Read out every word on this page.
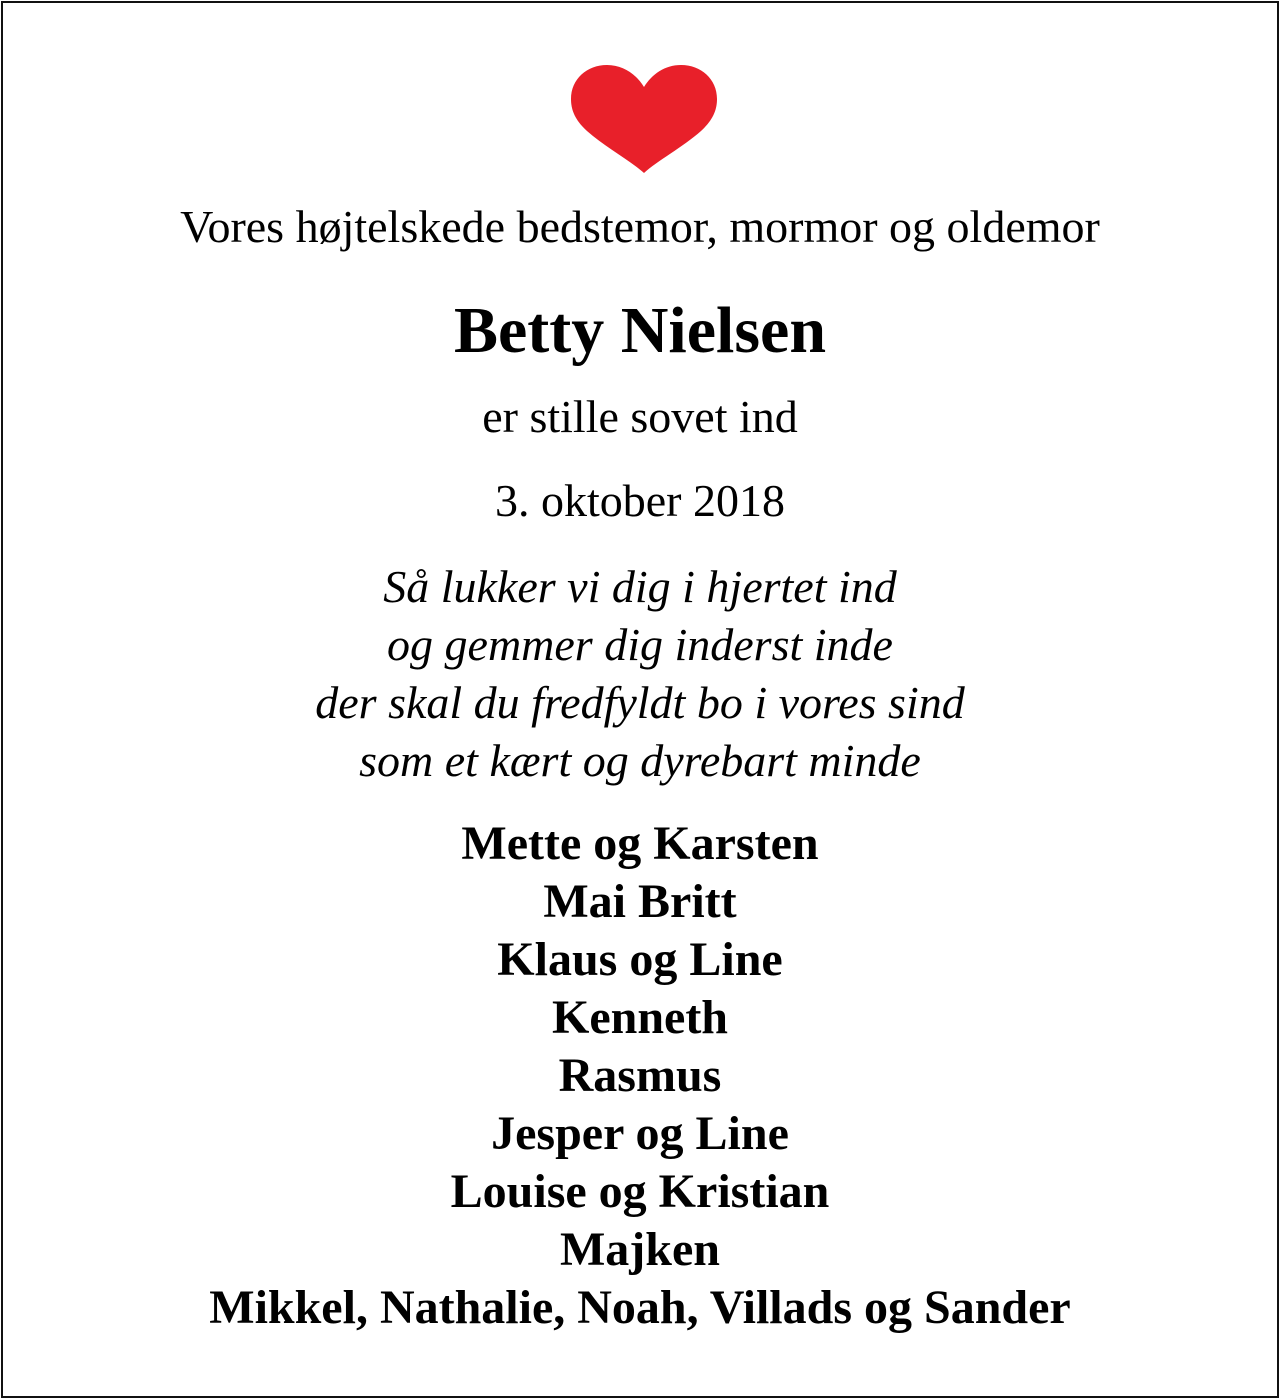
Vores højtelskede bedstemor, mormor og oldemor
Betty Nielsen
er stille sovet ind
3. oktober 2018
Så lukker vi dig i hjertet ind
og gemmer dig inderst inde
der skal du fredfyldt bo i vores sind
som et kært og dyrebart minde
Mette og Karsten
Mai Britt
Klaus og Line
Kenneth
Rasmus
Jesper og Line
Louise og Kristian
Majken
Mikkel, Nathalie, Noah, Villads og Sander
